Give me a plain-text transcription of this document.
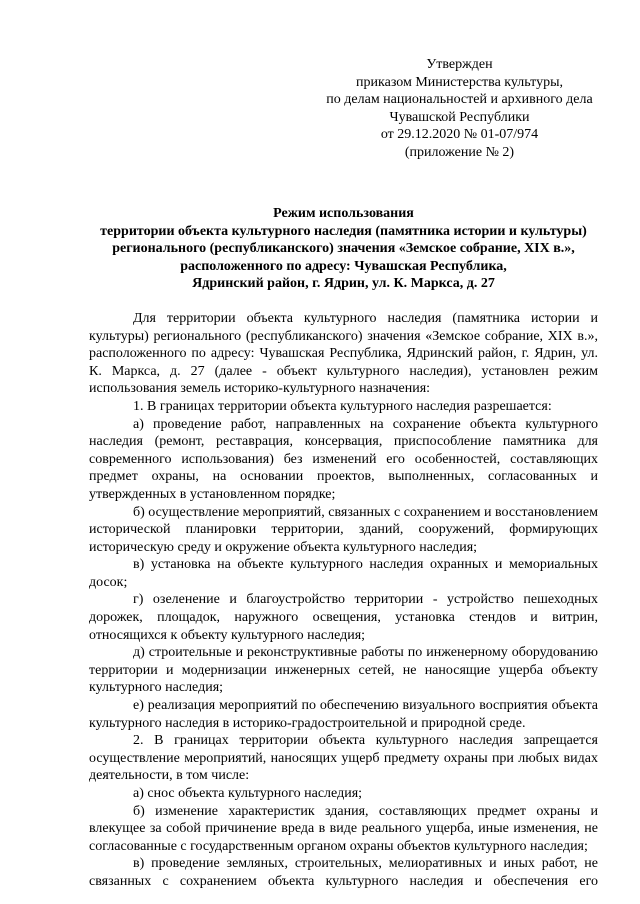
Утвержден
приказом Министерства культуры,
по делам национальностей и архивного дела
Чувашской Республики
от 29.12.2020 № 01-07/974
(приложение № 2)
Режим использования
территории объекта культурного наследия (памятника истории и культуры)
регионального (республиканского) значения «Земское собрание, XIX в.»,
расположенного по адресу: Чувашская Республика,
Ядринский район, г. Ядрин, ул. К. Маркса, д. 27

Для территории объекта культурного наследия (памятника истории и культуры) регионального (республиканского) значения «Земское собрание, XIX в.», расположенного по адресу: Чувашская Республика, Ядринский район, г. Ядрин, ул. К. Маркса, д. 27 (далее - объект культурного наследия), установлен режим использования земель историко-культурного назначения:

1. В границах территории объекта культурного наследия разрешается:

а) проведение работ, направленных на сохранение объекта культурного наследия (ремонт, реставрация, консервация, приспособление памятника для современного использования) без изменений его особенностей, составляющих предмет охраны, на основании проектов, выполненных, согласованных и утвержденных в установленном порядке;

б) осуществление мероприятий, связанных с сохранением и восстановлением исторической планировки территории, зданий, сооружений, формирующих историческую среду и окружение объекта культурного наследия;

в) установка на объекте культурного наследия охранных и мемориальных досок;

г) озеленение и благоустройство территории - устройство пешеходных дорожек, площадок, наружного освещения, установка стендов и витрин, относящихся к объекту культурного наследия;

д) строительные и реконструктивные работы по инженерному оборудованию территории и модернизации инженерных сетей, не наносящие ущерба объекту культурного наследия;

е) реализация мероприятий по обеспечению визуального восприятия объекта культурного наследия в историко-градостроительной и природной среде.

2. В границах территории объекта культурного наследия запрещается осуществление мероприятий, наносящих ущерб предмету охраны при любых видах деятельности, в том числе:

а) снос объекта культурного наследия;

б) изменение характеристик здания, составляющих предмет охраны и влекущее за собой причинение вреда в виде реального ущерба, иные изменения, не согласованные с государственным органом охраны объектов культурного наследия;

в) проведение земляных, строительных, мелиоративных и иных работ, не связанных с сохранением объекта культурного наследия и обеспечения его
